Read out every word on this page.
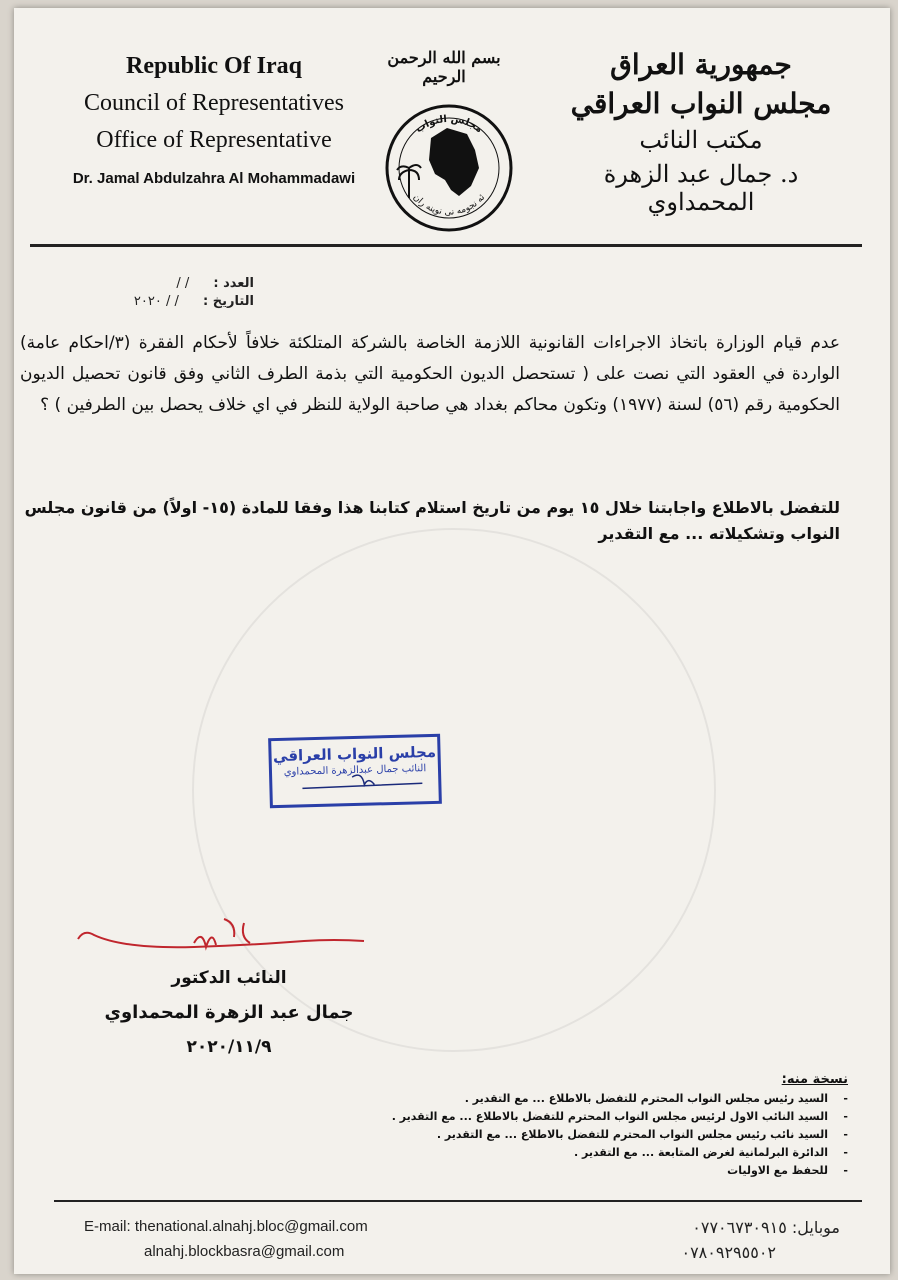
Republic Of Iraq
Council of Representatives
Office of Representative
Dr. Jamal Abdulzahra Al Mohammadawi
بسم الله الرحمن الرحيم
مجلس النواب
ئه نجومه نی نوینه ران
جمهورية العراق
مجلس النواب العراقي
مكتب النائب
د. جمال عبد الزهرة المحمداوي
العدد : / /
التاريخ : / / ٢٠٢٠
عدم قيام الوزارة باتخاذ الاجراءات القانونية اللازمة الخاصة بالشركة المتلكئة خلافاً لأحكام الفقرة (٣/احكام عامة) الواردة في العقود التي نصت على ( تستحصل الديون الحكومية التي بذمة الطرف الثاني وفق قانون تحصيل الديون الحكومية رقم (٥٦) لسنة (١٩٧٧) وتكون محاكم بغداد هي صاحبة الولاية للنظر في اي خلاف يحصل بين الطرفين ) ؟
للتفضل بالاطلاع واجابتنا خلال ١٥ يوم من تاريخ استلام كتابنا هذا وفقا للمادة (١٥- اولاً) من قانون مجلس النواب وتشكيلاته ... مع التقدير
مجلس النواب العراقي
النائب جمال عبدالزهرة المحمداوي
النائب الدكتور
جمال عبد الزهرة المحمداوي
٢٠٢٠/١١/٩
نسخة منه:
-السيد رئيس مجلس النواب المحترم للتفضل بالاطلاع ... مع التقدير .
-السيد النائب الاول لرئيس مجلس النواب المحترم للتفضل بالاطلاع ... مع التقدير .
-السيد نائب رئيس مجلس النواب المحترم للتفضل بالاطلاع ... مع التقدير .
-الدائرة البرلمانية لغرض المتابعة ... مع التقدير .
-للحفظ مع الاوليات
E-mail: thenational.alnahj.bloc@gmail.com
alnahj.blockbasra@gmail.com
موبايل: ٠٧٧٠٦٧٣٠٩١٥
٠٧٨٠٩٢٩٥٥٠٢
